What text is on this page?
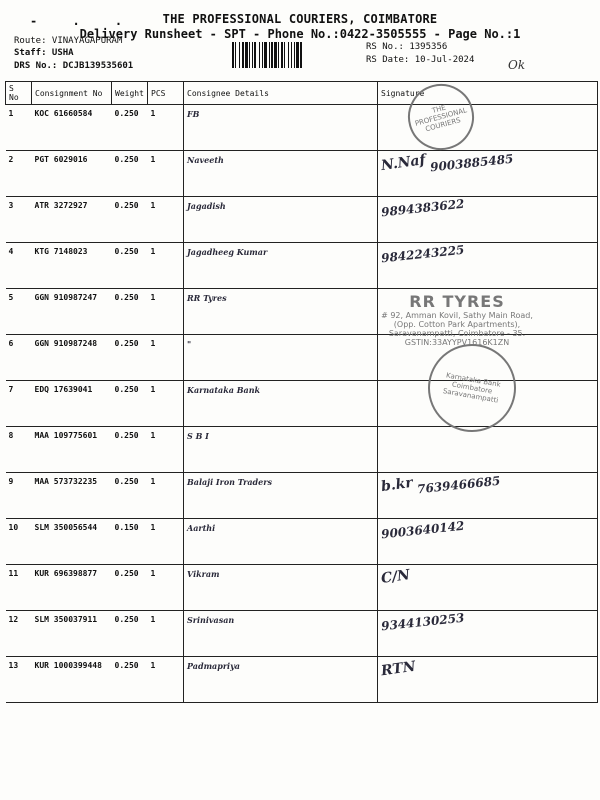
- . .	THE PROFESSIONAL COURIERS, COIMBATORE
Delivery Runsheet - SPT - Phone No.:0422-3505555 - Page No.:1
Route: VINAYAGAPURAM
Staff: USHA
DRS No.: DCJB139535601
RS No.: 1395356
RS Date: 10-Jul-2024	Ok
S No	Consignment No	Weight	PCS	Consignee Details	Signature
1	KOC 61660584	0.250	1	FB	
2	PGT 6029016	0.250	1	Naveeth	N.Naf 9003885485
3	ATR 3272927	0.250	1	Jagadish	9894383622
4	KTG 7148023	0.250	1	Jagadheeg Kumar	9842243225
5	GGN 910987247	0.250	1	RR Tyres	
6	GGN 910987248	0.250	1	"	
7	EDQ 17639041	0.250	1	Karnataka Bank	
8	MAA 109775601	0.250	1	S B I	
9	MAA 573732235	0.250	1	Balaji Iron Traders	b.kr 7639466685
10	SLM 350056544	0.150	1	Aarthi	9003640142
11	KUR 696398877	0.250	1	Vikram	C/N
12	SLM 350037911	0.250	1	Srinivasan	9344130253
13	KUR 1000399448	0.250	1	Padmapriya	RTN
RR TYRES
# 92, Amman Kovil, Sathy Main Road,
(Opp. Cotton Park Apartments),
Saravanampatti, Coimbatore - 35.
GSTIN:33AYYPV1616K1ZN
THE PROFESSIONAL COURIERS
Karnataka Bank Coimbatore Saravanampatti
